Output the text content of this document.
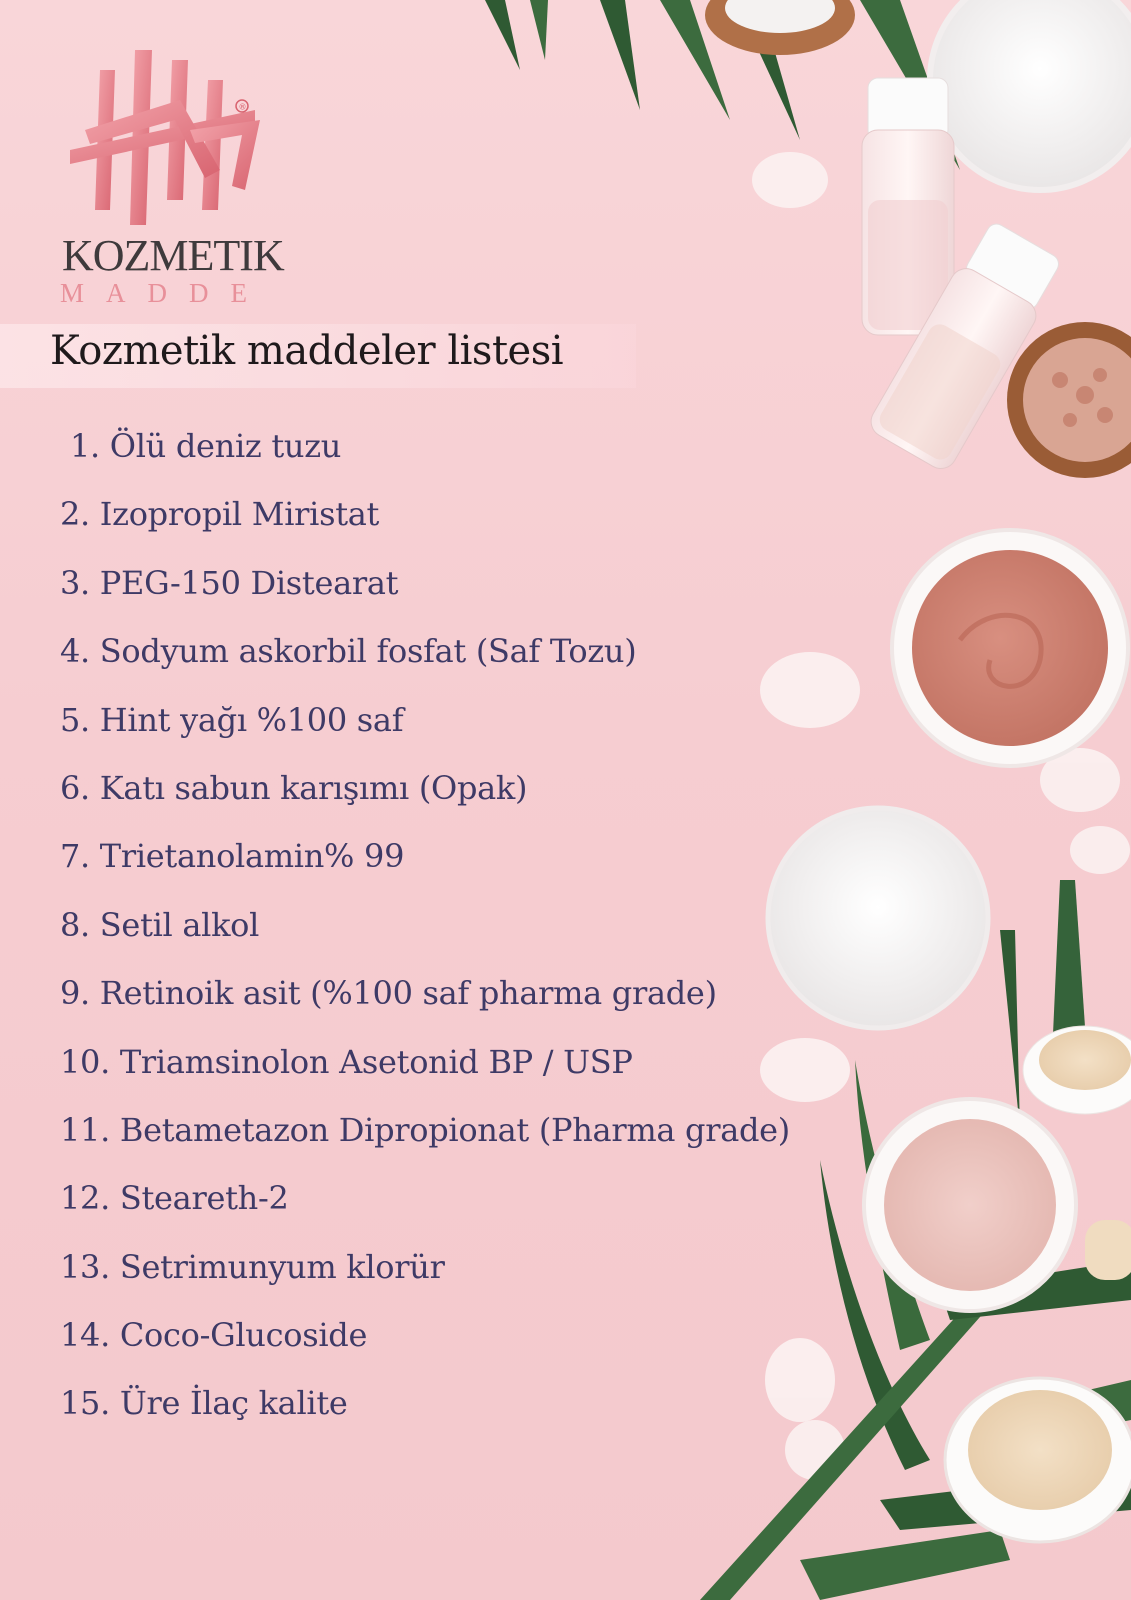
®
KOZMETIK
MADDE
Kozmetik maddeler listesi
1. Ölü deniz tuzu
2. Izopropil Miristat
3. PEG-150 Distearat
4. Sodyum askorbil fosfat (Saf Tozu)
5. Hint yağı %100 saf
6. Katı sabun karışımı (Opak)
7. Trietanolamin% 99
8. Setil alkol
9. Retinoik asit (%100 saf pharma grade)
10. Triamsinolon Asetonid BP / USP
11. Betametazon Dipropionat (Pharma grade)
12. Steareth-2
13. Setrimunyum klorür
14. Coco-Glucoside
15. Üre İlaç kalite
